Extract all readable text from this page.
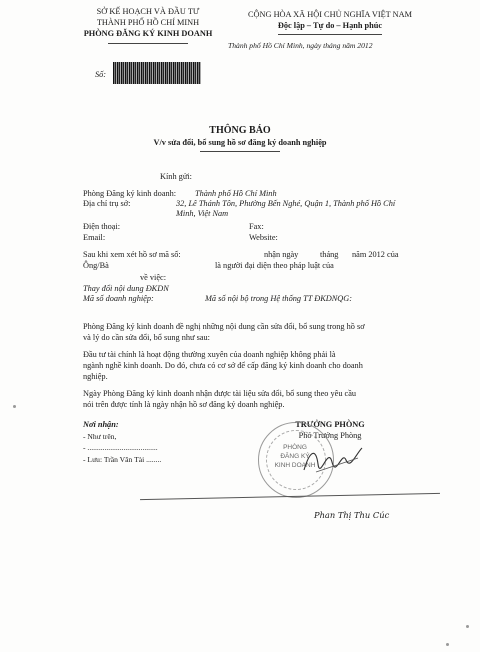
SỞ KẾ HOẠCH VÀ ĐẦU TƯ
THÀNH PHỐ HỒ CHÍ MINH
PHÒNG ĐĂNG KÝ KINH DOANH
CỘNG HÒA XÃ HỘI CHỦ NGHĨA VIỆT NAM
Độc lập – Tự do – Hạnh phúc
Thành phố Hồ Chí Minh, ngày tháng năm 2012
Số:
THÔNG BÁO
V/v sửa đổi, bổ sung hồ sơ đăng ký doanh nghiệp
Kính gửi:
Phòng Đăng ký kinh doanh: Thành phố Hồ Chí Minh
Địa chỉ trụ sở:	32, Lê Thánh Tôn, Phường Bến Nghé, Quận 1, Thành phố Hồ Chí
Minh, Việt Nam
Điện thoại:	Fax:
Email:	Website:
Sau khi xem xét hồ sơ mã số:	nhận ngày	tháng năm 2012 của
Ông/Bà	là người đại diện theo pháp luật của
về việc:
Thay đổi nội dung ĐKDN
Mã số doanh nghiệp:	Mã số nội bộ trong Hệ thống TT ĐKDNQG:
Phòng Đăng ký kinh doanh đề nghị những nội dung cần sửa đổi, bổ sung trong hồ sơ
và lý do cần sửa đổi, bổ sung như sau:
Đầu tư tài chính là hoạt động thường xuyên của doanh nghiệp không phải là
ngành nghề kinh doanh. Do đó, chưa có cơ sở để cấp đăng ký kinh doanh cho doanh
nghiệp.
Ngày Phòng Đăng ký kinh doanh nhận được tài liệu sửa đổi, bổ sung theo yêu cầu
nói trên được tính là ngày nhận hồ sơ đăng ký doanh nghiệp.
Nơi nhận:
- Như trên,
- .....................................
- Lưu: Trần Văn Tài ........
TRƯỞNG PHÒNG
Phó Trưởng Phòng
PHÒNG
ĐĂNG KÝ
KINH DOANH
Phan Thị Thu Cúc
